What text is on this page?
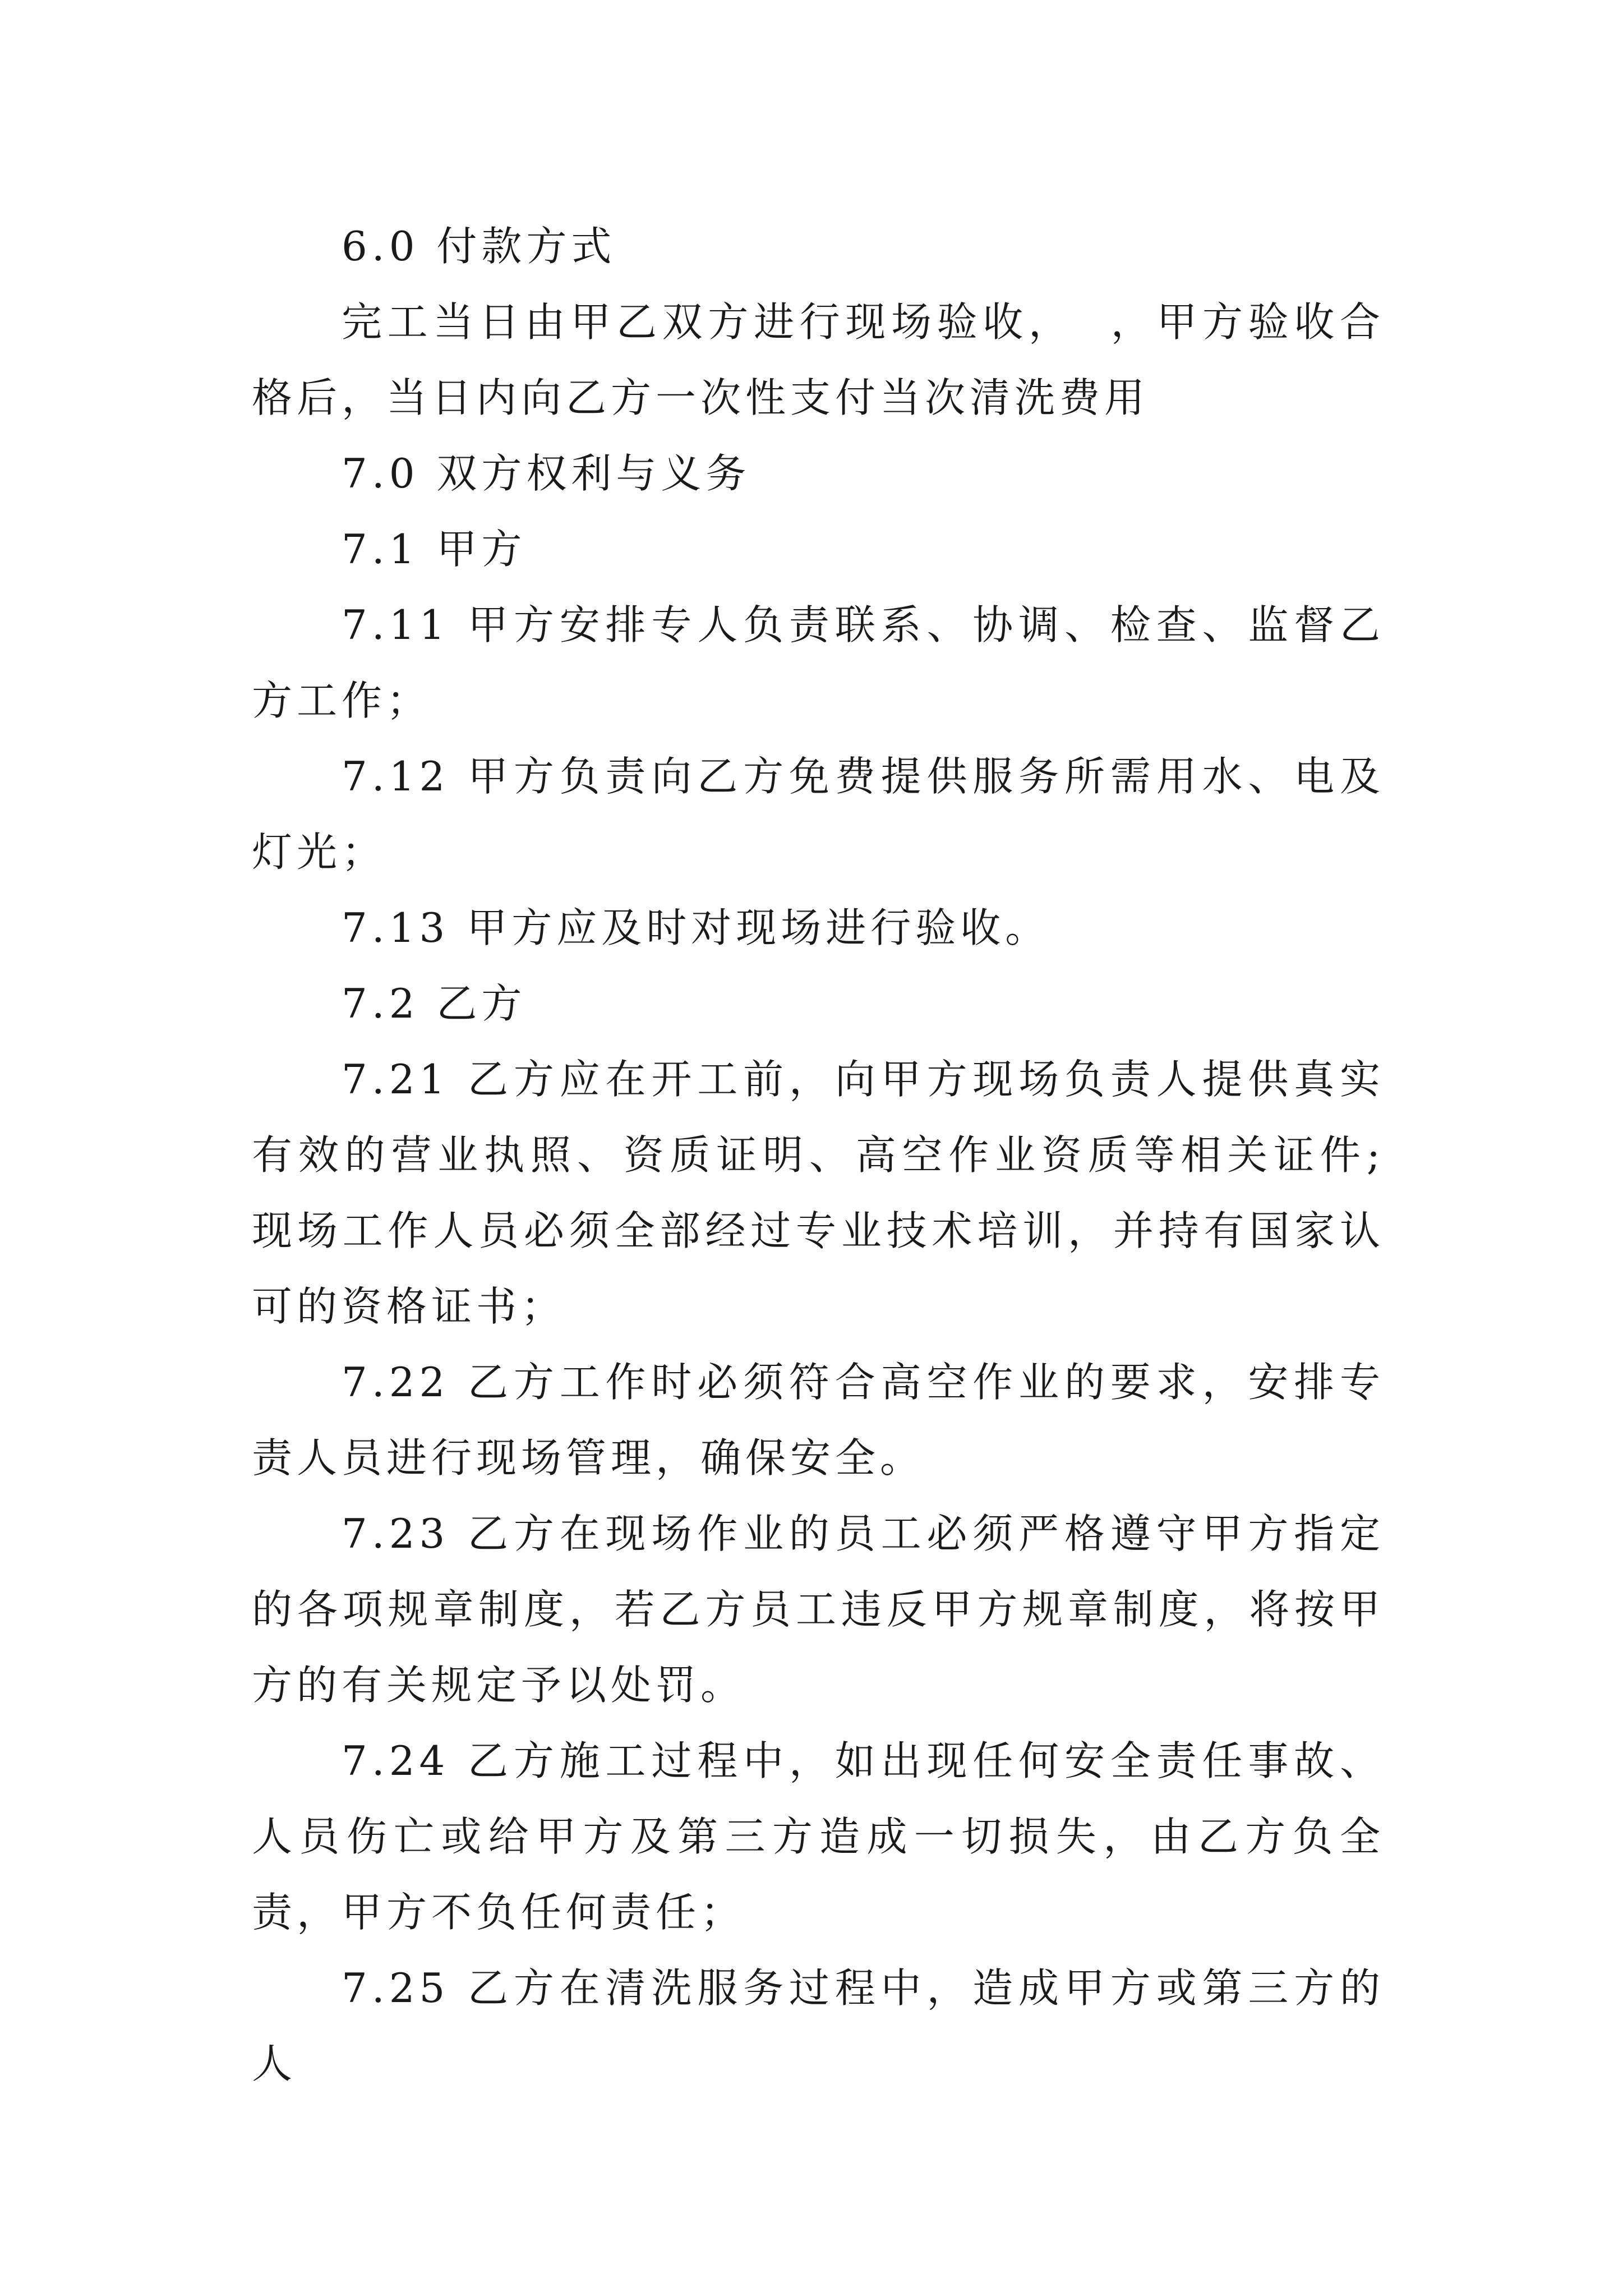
6.0 付款方式

完工当日由甲乙双方进行现场验收，  ，甲方验收合格后，当日内向乙方一次性支付当次清洗费用

7.0 双方权利与义务

7.1 甲方

7.11 甲方安排专人负责联系、协调、检查、监督乙方工作；

7.12 甲方负责向乙方免费提供服务所需用水、电及灯光；

7.13 甲方应及时对现场进行验收。

7.2 乙方

7.21 乙方应在开工前，向甲方现场负责人提供真实有效的营业执照、资质证明、高空作业资质等相关证件;现场工作人员必须全部经过专业技术培训，并持有国家认可的资格证书；

7.22 乙方工作时必须符合高空作业的要求，安排专责人员进行现场管理，确保安全。

7.23 乙方在现场作业的员工必须严格遵守甲方指定的各项规章制度，若乙方员工违反甲方规章制度，将按甲方的有关规定予以处罚。

7.24 乙方施工过程中，如出现任何安全责任事故、人员伤亡或给甲方及第三方造成一切损失，由乙方负全责，甲方不负任何责任；

7.25 乙方在清洗服务过程中，造成甲方或第三方的人
